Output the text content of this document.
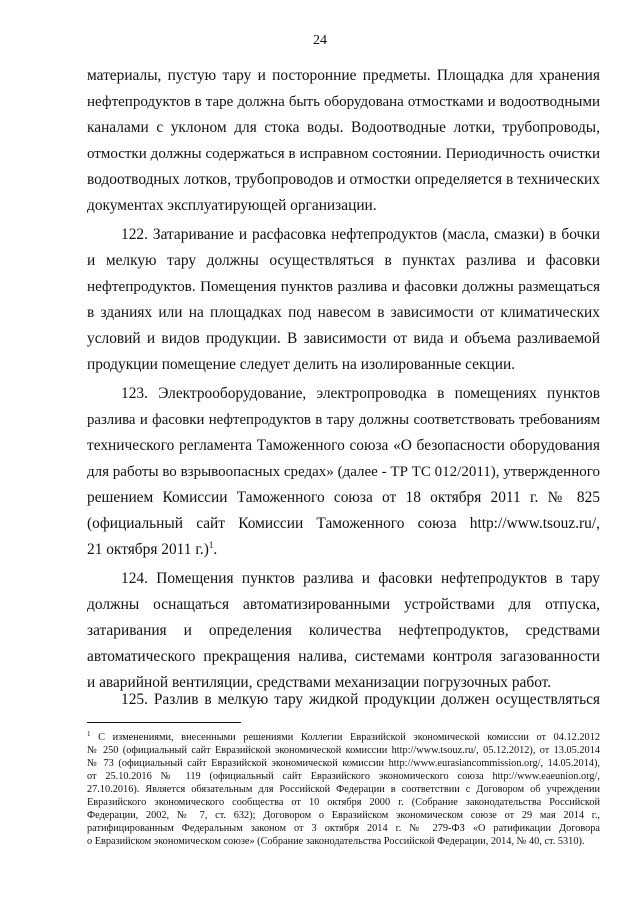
24
материалы, пустую тару и посторонние предметы. Площадка для хранения
нефтепродуктов в таре должна быть оборудована отмостками и водоотводными
каналами с уклоном для стока воды. Водоотводные лотки, трубопроводы,
отмостки должны содержаться в исправном состоянии. Периодичность очистки
водоотводных лотков, трубопроводов и отмостки определяется в технических
документах эксплуатирующей организации.
122. Затаривание и расфасовка нефтепродуктов (масла, смазки) в бочки
и мелкую тару должны осуществляться в пунктах разлива и фасовки
нефтепродуктов. Помещения пунктов разлива и фасовки должны размещаться
в зданиях или на площадках под навесом в зависимости от климатических
условий и видов продукции. В зависимости от вида и объема разливаемой
продукции помещение следует делить на изолированные секции.
123. Электрооборудование, электропроводка в помещениях пунктов
разлива и фасовки нефтепродуктов в тару должны соответствовать требованиям
технического регламента Таможенного союза «О безопасности оборудования
для работы во взрывоопасных средах» (далее - ТР ТС 012/2011), утвержденного
решением Комиссии Таможенного союза от 18 октября 2011 г. № 825
(официальный сайт Комиссии Таможенного союза http://www.tsouz.ru/,
21 октября 2011 г.)$^1$.
124. Помещения пунктов разлива и фасовки нефтепродуктов в тару
должны оснащаться автоматизированными устройствами для отпуска,
затаривания и определения количества нефтепродуктов, средствами
автоматического прекращения налива, системами контроля загазованности
и аварийной вентиляции, средствами механизации погрузочных работ.
125. Разлив в мелкую тару жидкой продукции должен осуществляться
$^1$ С изменениями, внесенными решениями Коллегии Евразийской экономической комиссии от 04.12.2012
№ 250 (официальный сайт Евразийской экономической комиссии http://www.tsouz.ru/, 05.12.2012), от 13.05.2014
№ 73 (официальный сайт Евразийской экономической комиссии http://www.eurasiancommission.org/, 14.05.2014),
от 25.10.2016 № 119 (официальный сайт Евразийского экономического союза http://www.eaeunion.org/,
27.10.2016). Является обязательным для Российской Федерации в соответствии с Договором об учреждении
Евразийского экономического сообщества от 10 октября 2000 г. (Собрание законодательства Российской
Федерации, 2002, № 7, ст. 632); Договором о Евразийском экономическом союзе от 29 мая 2014 г.,
ратифицированным Федеральным законом от 3 октября 2014 г. № 279-ФЗ «О ратификации Договора
о Евразийском экономическом союзе» (Собрание законодательства Российской Федерации, 2014, № 40, ст. 5310).
